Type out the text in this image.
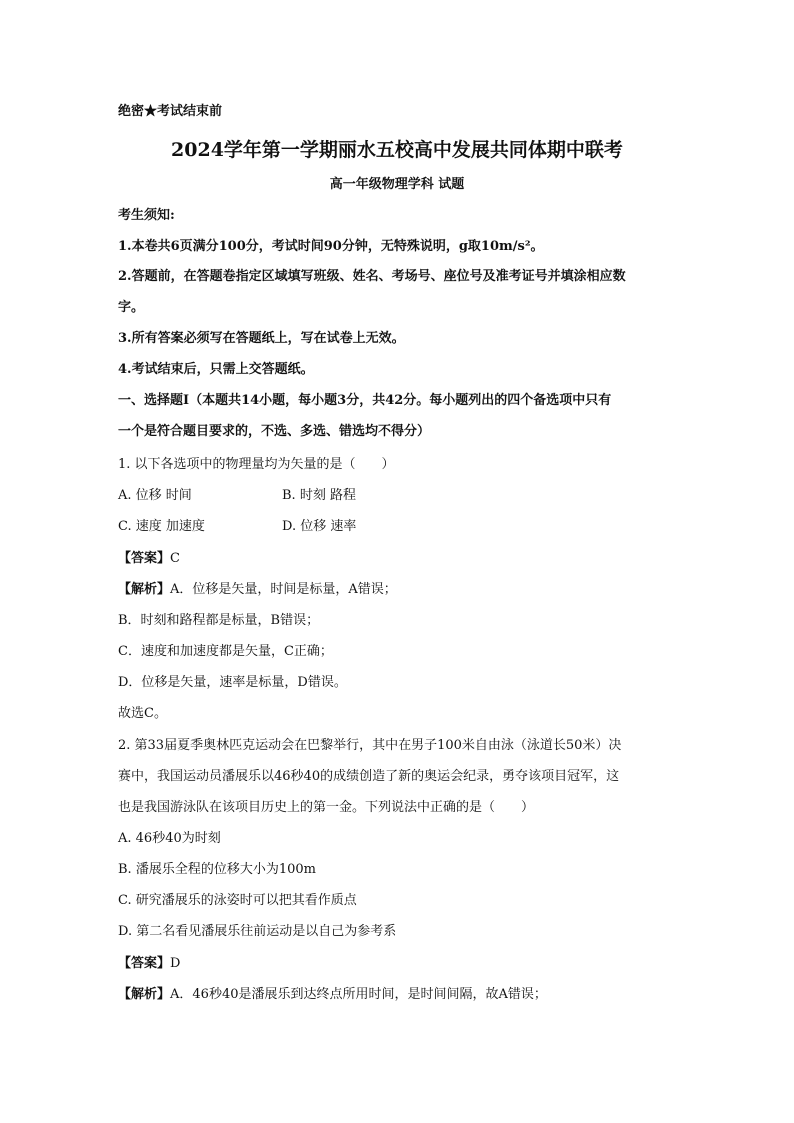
绝密★考试结束前
2024学年第一学期丽水五校高中发展共同体期中联考
高一年级物理学科 试题
考生须知:
1.本卷共6页满分100分，考试时间90分钟，无特殊说明，g取10m/s²。
2.答题前，在答题卷指定区域填写班级、姓名、考场号、座位号及准考证号并填涂相应数
字。
3.所有答案必须写在答题纸上，写在试卷上无效。
4.考试结束后，只需上交答题纸。
一、选择题Ⅰ（本题共14小题，每小题3分，共42分。每小题列出的四个备选项中只有
一个是符合题目要求的，不选、多选、错选均不得分）
1. 以下各选项中的物理量均为矢量的是（　　）
A. 位移 时间	B. 时刻 路程
C. 速度 加速度	D. 位移 速率
【答案】C
【解析】A．位移是矢量，时间是标量，A错误；
B．时刻和路程都是标量，B错误；
C．速度和加速度都是矢量，C正确；
D．位移是矢量，速率是标量，D错误。
故选C。
2. 第33届夏季奥林匹克运动会在巴黎举行，其中在男子100米自由泳（泳道长50米）决
赛中，我国运动员潘展乐以46秒40的成绩创造了新的奥运会纪录，勇夺该项目冠军，这
也是我国游泳队在该项目历史上的第一金。下列说法中正确的是（　　）
A. 46秒40为时刻
B. 潘展乐全程的位移大小为100m
C. 研究潘展乐的泳姿时可以把其看作质点
D. 第二名看见潘展乐往前运动是以自己为参考系
【答案】D
【解析】A．46秒40是潘展乐到达终点所用时间，是时间间隔，故A错误；
